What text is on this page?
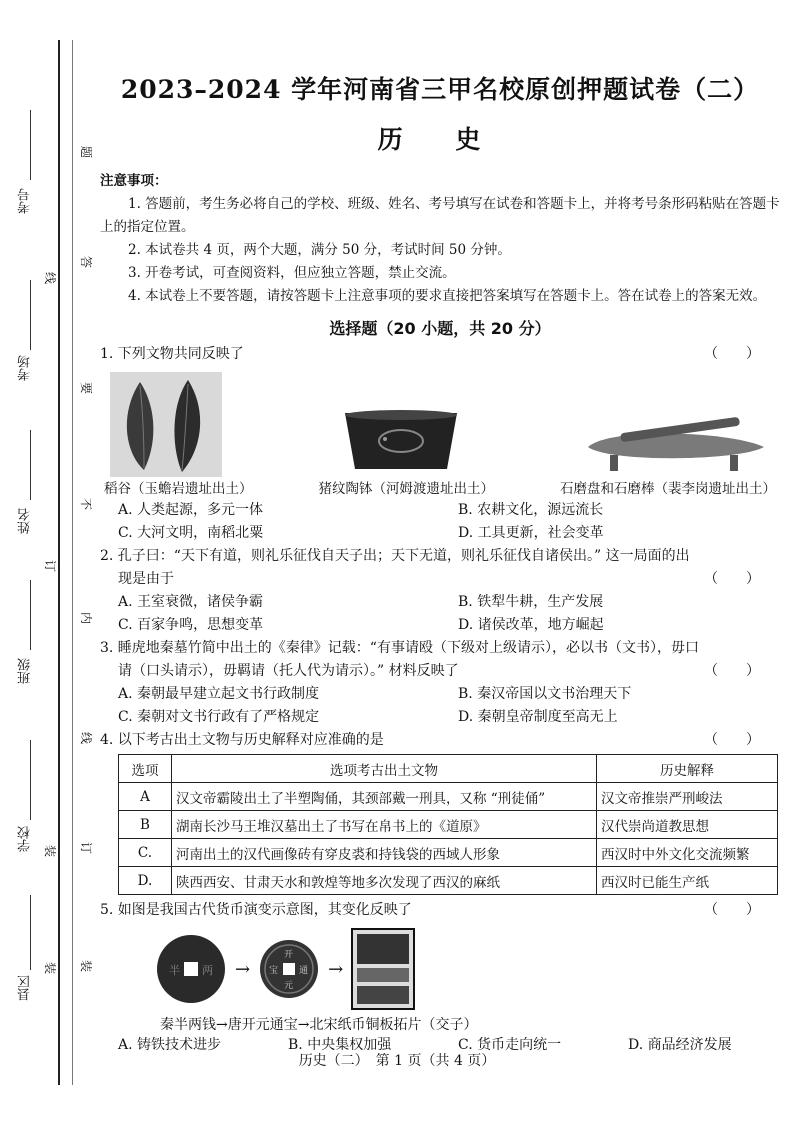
考号
考场
姓名
班级
学校
县区
题
答
要
不
内
线
订
装
线
订
装
装
2023–2024 学年河南省三甲名校原创押题试卷（二）
历 史

注意事项：

1. 答题前，考生务必将自己的学校、班级、姓名、考号填写在试卷和答题卡上，并将考号条形码粘贴在答题卡上的指定位置。

2. 本试卷共 4 页，两个大题，满分 50 分，考试时间 50 分钟。

3. 开卷考试，可查阅资料，但应独立答题，禁止交流。

4. 本试卷上不要答题，请按答题卡上注意事项的要求直接把答案填写在答题卡上。答在试卷上的答案无效。

选择题（20 小题，共 20 分）

1. 下列文物共同反映了	（　　）

稻谷（玉蟾岩遗址出土）	猪纹陶钵（河姆渡遗址出土）	石磨盘和石磨棒（裴李岗遗址出土）
A. 人类起源，多元一体	B. 农耕文化，源远流长
C. 大河文明，南稻北粟	D. 工具更新，社会变革

2. 孔子曰：“天下有道，则礼乐征伐自天子出；天下无道，则礼乐征伐自诸侯出。” 这一局面的出

现是由于	（　　）

A. 王室衰微，诸侯争霸	B. 铁犁牛耕，生产发展
C. 百家争鸣，思想变革	D. 诸侯改革，地方崛起

3. 睡虎地秦墓竹简中出土的《秦律》记载：“有事请殴（下级对上级请示），必以书（文书），毋口

请（口头请示），毋羁请（托人代为请示）。” 材料反映了	（　　）

A. 秦朝最早建立起文书行政制度	B. 秦汉帝国以文书治理天下
C. 秦朝对文书行政有了严格规定	D. 秦朝皇帝制度至高无上

4. 以下考古出土文物与历史解释对应准确的是	（　　）

选项	选项考古出土文物	历史解释
A	汉文帝霸陵出土了半塑陶俑，其颈部戴一刑具，又称 “刑徒俑”	汉文帝推崇严刑峻法
B	湖南长沙马王堆汉墓出土了书写在帛书上的《道原》	汉代崇尚道教思想
C.	河南出土的汉代画像砖有穿皮裘和持钱袋的西域人形象	西汉时中外文化交流频繁
D.	陕西西安、甘肃天水和敦煌等地多次发现了西汉的麻纸	西汉时已能生产纸

5. 如图是我国古代货币演变示意图，其变化反映了	（　　）

半 两 →
开
元
通
宝	→
秦半两钱→唐开元通宝→北宋纸币铜板拓片（交子）
A. 铸铁技术进步	B. 中央集权加强	C. 货币走向统一	D. 商品经济发展
历史（二）　第 1 页（共 4 页）
